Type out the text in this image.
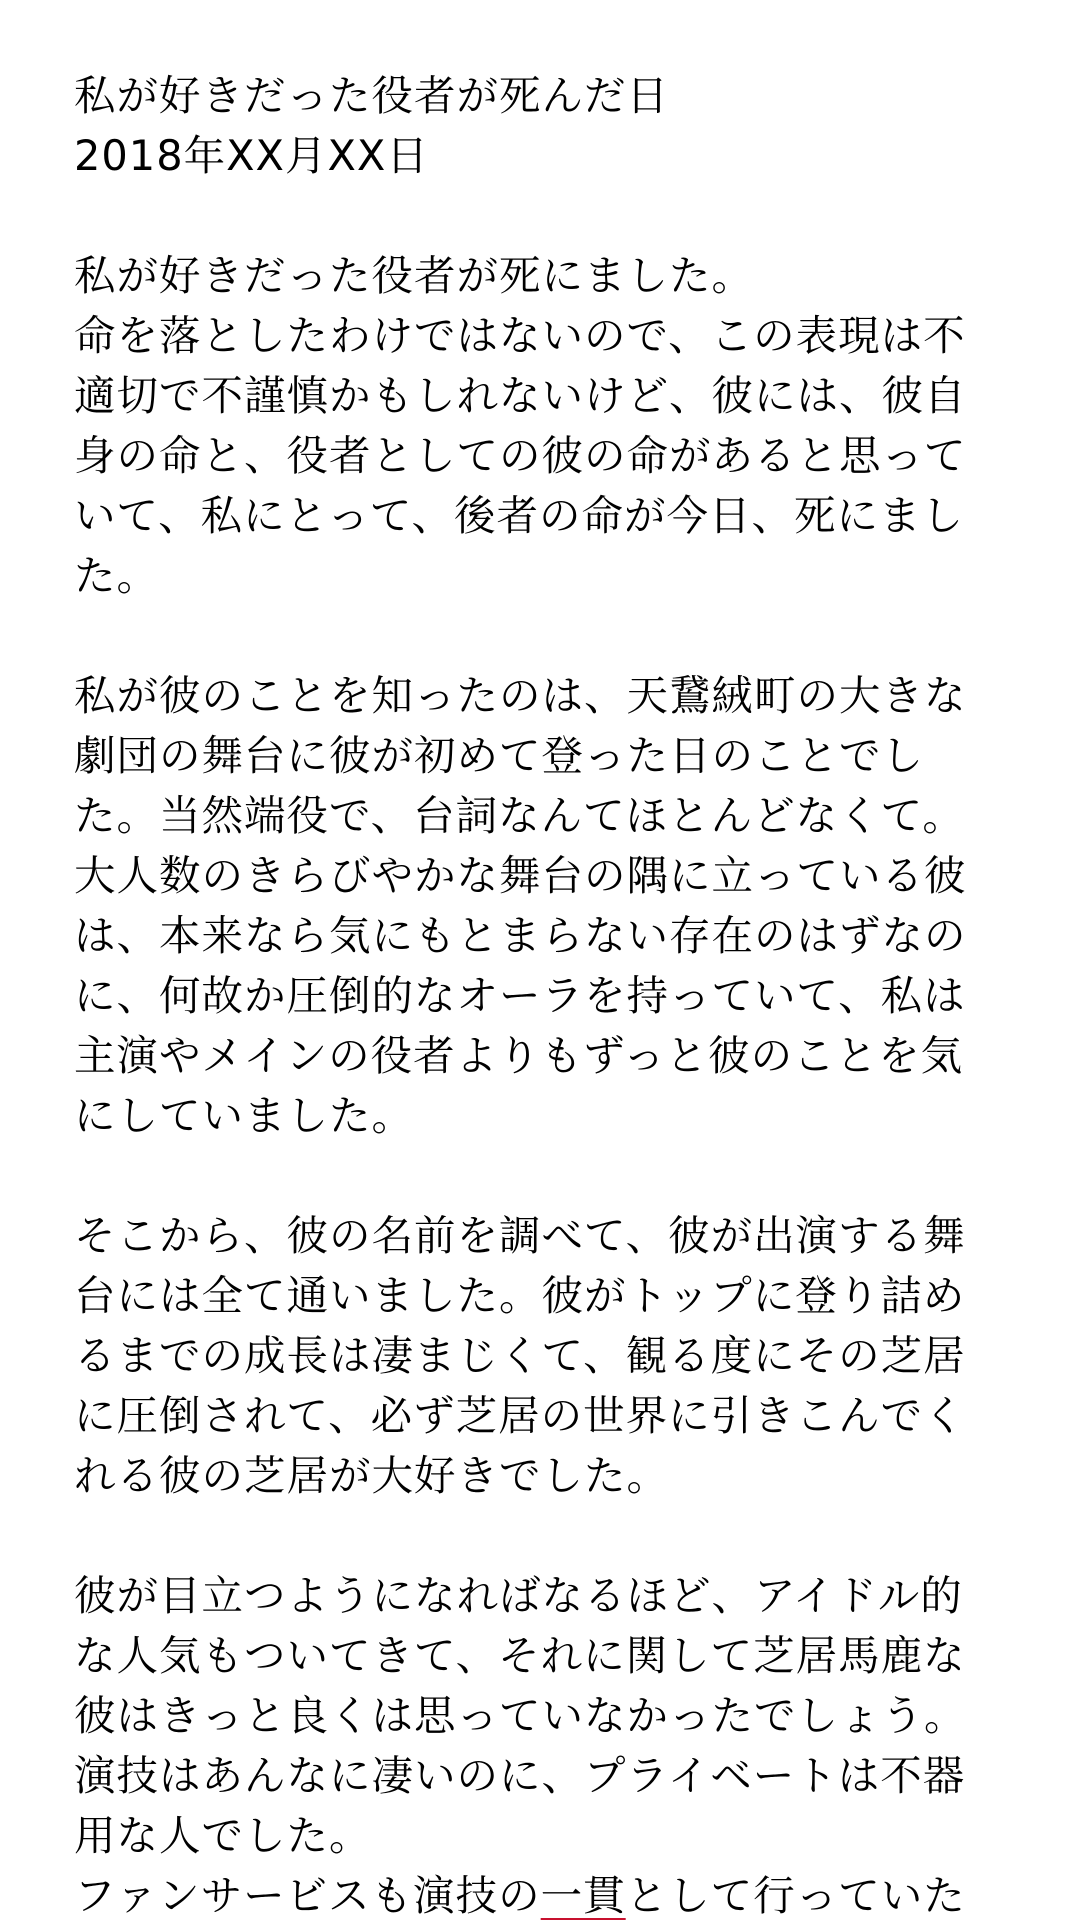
私が好きだった役者が死んだ日
2018年XX月XX日
私が好きだった役者が死にました。
命を落としたわけではないので、この表現は不
適切で不謹慎かもしれないけど、彼には、彼自
身の命と、役者としての彼の命があると思って
いて、私にとって、後者の命が今日、死にまし
た。
私が彼のことを知ったのは、天鵞絨町の大きな
劇団の舞台に彼が初めて登った日のことでし
た。当然端役で、台詞なんてほとんどなくて。
大人数のきらびやかな舞台の隅に立っている彼
は、本来なら気にもとまらない存在のはずなの
に、何故か圧倒的なオーラを持っていて、私は
主演やメインの役者よりもずっと彼のことを気
にしていました。
そこから、彼の名前を調べて、彼が出演する舞
台には全て通いました。彼がトップに登り詰め
るまでの成長は凄まじくて、観る度にその芝居
に圧倒されて、必ず芝居の世界に引きこんでく
れる彼の芝居が大好きでした。
彼が目立つようになればなるほど、アイドル的
な人気もついてきて、それに関して芝居馬鹿な
彼はきっと良くは思っていなかったでしょう。
演技はあんなに凄いのに、プライベートは不器
用な人でした。
ファンサービスも演技の一貫として行っていた
